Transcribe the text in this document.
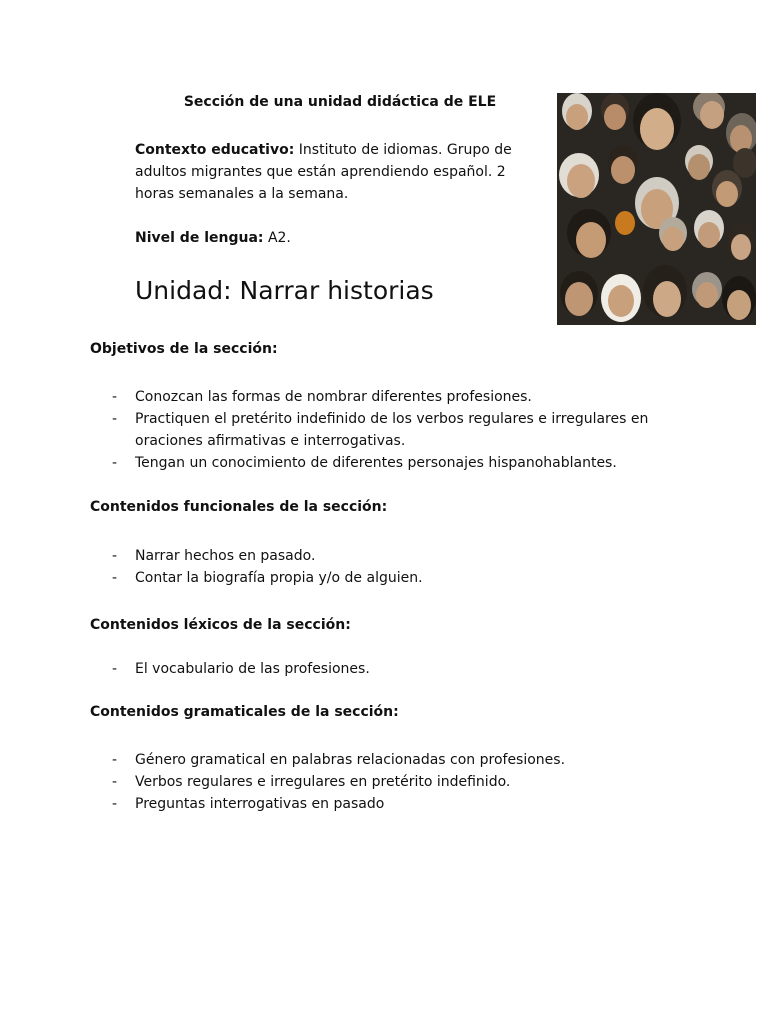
Sección de una unidad didáctica de ELE
Contexto educativo: Instituto de idiomas. Grupo de adultos migrantes que están aprendiendo español. 2 horas semanales a la semana.
Nivel de lengua: A2.
Unidad: Narrar historias
Objetivos de la sección:
- Conozcan las formas de nombrar diferentes profesiones.
- Practiquen el pretérito indefinido de los verbos regulares e irregulares en oraciones afirmativas e interrogativas.
- Tengan un conocimiento de diferentes personajes hispanohablantes.
Contenidos funcionales de la sección:
- Narrar hechos en pasado.
- Contar la biografía propia y/o de alguien.
Contenidos léxicos de la sección:
- El vocabulario de las profesiones.
Contenidos gramaticales de la sección:
- Género gramatical en palabras relacionadas con profesiones.
- Verbos regulares e irregulares en pretérito indefinido.
- Preguntas interrogativas en pasado
